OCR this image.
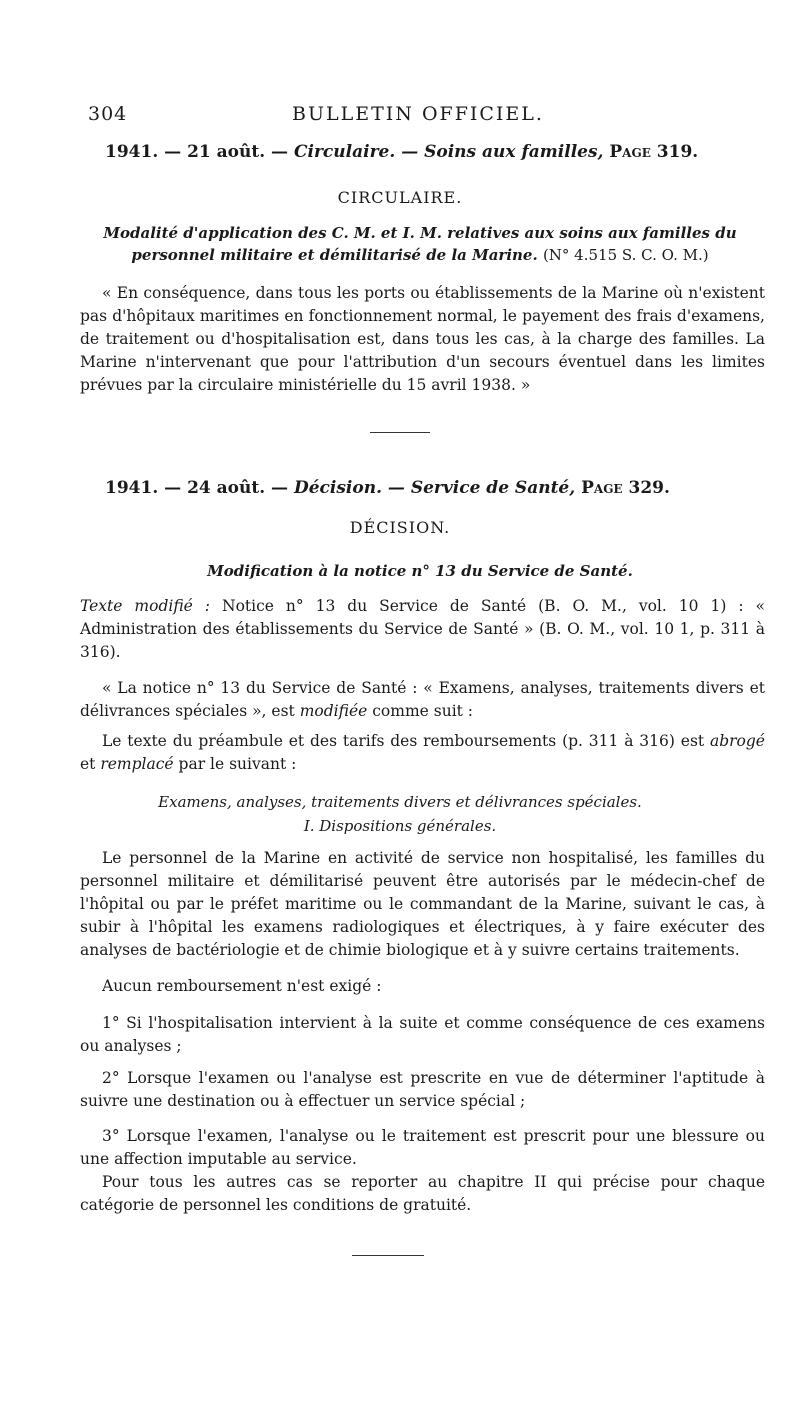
304	BULLETIN OFFICIEL.
1941. — 21 août. — Circulaire. — Soins aux familles, Page 319.
CIRCULAIRE.
Modalité d'application des C. M. et I. M. relatives aux soins aux familles du personnel militaire et démilitarisé de la Marine. (N° 4.515 S. C. O. M.)

« En conséquence, dans tous les ports ou établissements de la Marine où n'existent pas d'hôpitaux maritimes en fonctionnement normal, le payement des frais d'examens, de traitement ou d'hospitalisation est, dans tous les cas, à la charge des familles. La Marine n'intervenant que pour l'attribution d'un secours éventuel dans les limites prévues par la circulaire ministérielle du 15 avril 1938. »

1941. — 24 août. — Décision. — Service de Santé, Page 329.
DÉCISION.
Modification à la notice n° 13 du Service de Santé.

Texte modifié : Notice n° 13 du Service de Santé (B. O. M., vol. 10 1) : « Administration des établissements du Service de Santé » (B. O. M., vol. 10 1, p. 311 à 316).

« La notice n° 13 du Service de Santé : « Examens, analyses, traitements divers et délivrances spéciales », est modifiée comme suit :

Le texte du préambule et des tarifs des remboursements (p. 311 à 316) est abrogé et remplacé par le suivant :

Examens, analyses, traitements divers et délivrances spéciales.
I. Dispositions générales.

Le personnel de la Marine en activité de service non hospitalisé, les familles du personnel militaire et démilitarisé peuvent être autorisés par le médecin-chef de l'hôpital ou par le préfet maritime ou le commandant de la Marine, suivant le cas, à subir à l'hôpital les examens radiologiques et électriques, à y faire exécuter des analyses de bactériologie et de chimie biologique et à y suivre certains traitements.

Aucun remboursement n'est exigé :

1° Si l'hospitalisation intervient à la suite et comme conséquence de ces examens ou analyses ;

2° Lorsque l'examen ou l'analyse est prescrite en vue de déterminer l'aptitude à suivre une destination ou à effectuer un service spécial ;

3° Lorsque l'examen, l'analyse ou le traitement est prescrit pour une blessure ou une affection imputable au service.

Pour tous les autres cas se reporter au chapitre II qui précise pour chaque catégorie de personnel les conditions de gratuité.
